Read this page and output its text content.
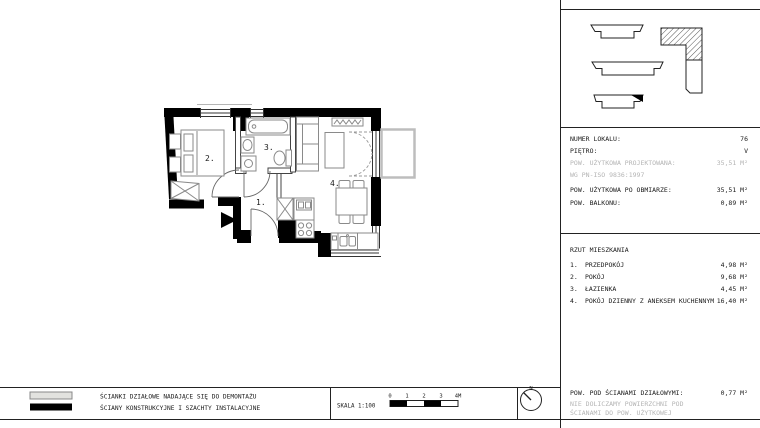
1.
2.
3.
4.
ŚCIANKI DZIAŁOWE NADAJĄCE SIĘ DO DEMONTAŻU
ŚCIANY KONSTRUKCYJNE I SZACHTY INSTALACYJNE	SKALA 1:100
0 1 2 3 4M
N
NUMER LOKALU:	76
PIĘTRO:	V
POW. UŻYTKOWA PROJEKTOWANA:	35,51 M²
WG PN-ISO 9836:1997
POW. UŻYTKOWA PO OBMIARZE:	35,51 M²
POW. BALKONU:	0,89 M²
RZUT MIESZKANIA
1.	PRZEDPOKÓJ	4,98 M²
2.	POKÓJ	9,68 M²
3.	ŁAZIENKA	4,45 M²
4.	POKÓJ DZIENNY Z ANEKSEM KUCHENNYM 16,40 M²
POW. POD ŚCIANAMI DZIAŁOWYMI:	0,77 M²
NIE DOLICZAMY POWIERZCHNI POD
ŚCIANAMI DO POW. UŻYTKOWEJ
